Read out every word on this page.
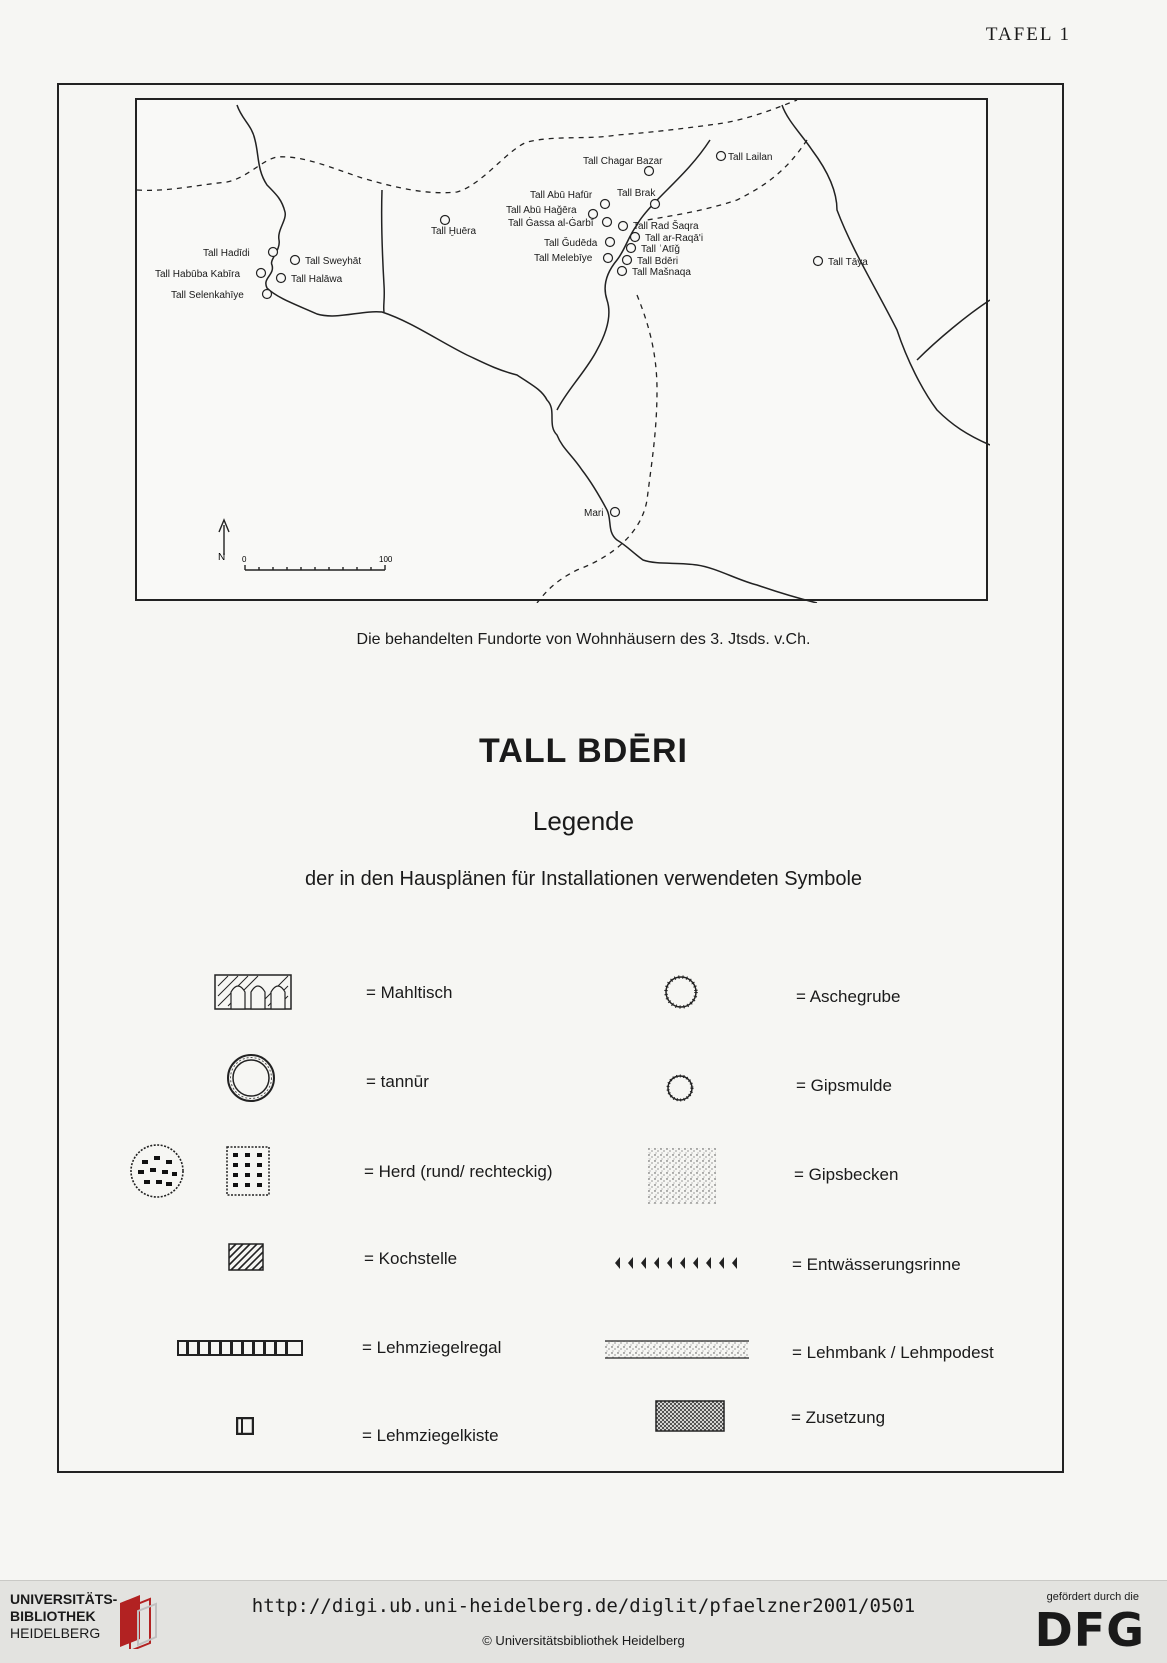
TAFEL 1
N 0	100
Tall Chagar Bazar	Tall Lailan
Tall Brak
Tall Abū Hafūr
Tall Abū Hağēra
Tall Ġassa al-Ġarbī
Tall Ḫuēra	Tall Rad Šaqra
Tall ar-Raqā'i
Tall Ǧudēda
Tall ʿAtīǧ
Tall Melebīye	Tall Bdēri
Tall Mašnaqa
Tall Hadīdi
Tall Sweyhāt
Tall Habūba Kabīra	Tall Halāwa
Tall Selenkahīye
Tall Tāya
Mari
Die behandelten Fundorte von Wohnhäusern des 3. Jtsds. v.Ch.
TALL BDĒRI
Legende
der in den Hausplänen für Installationen verwendeten Symbole
= Mahltisch
= tannūr
= Herd (rund/ rechteckig)
= Kochstelle
= Lehmziegelregal
= Lehmziegelkiste
= Aschegrube
= Gipsmulde
= Gipsbecken
= Entwässerungsrinne
= Lehmbank / Lehmpodest
= Zusetzung
UNIVERSITÄTS-
BIBLIOTHEK
HEIDELBERG
http://digi.ub.uni-heidelberg.de/diglit/pfaelzner2001/0501
© Universitätsbibliothek Heidelberg
gefördert durch die
DFG
